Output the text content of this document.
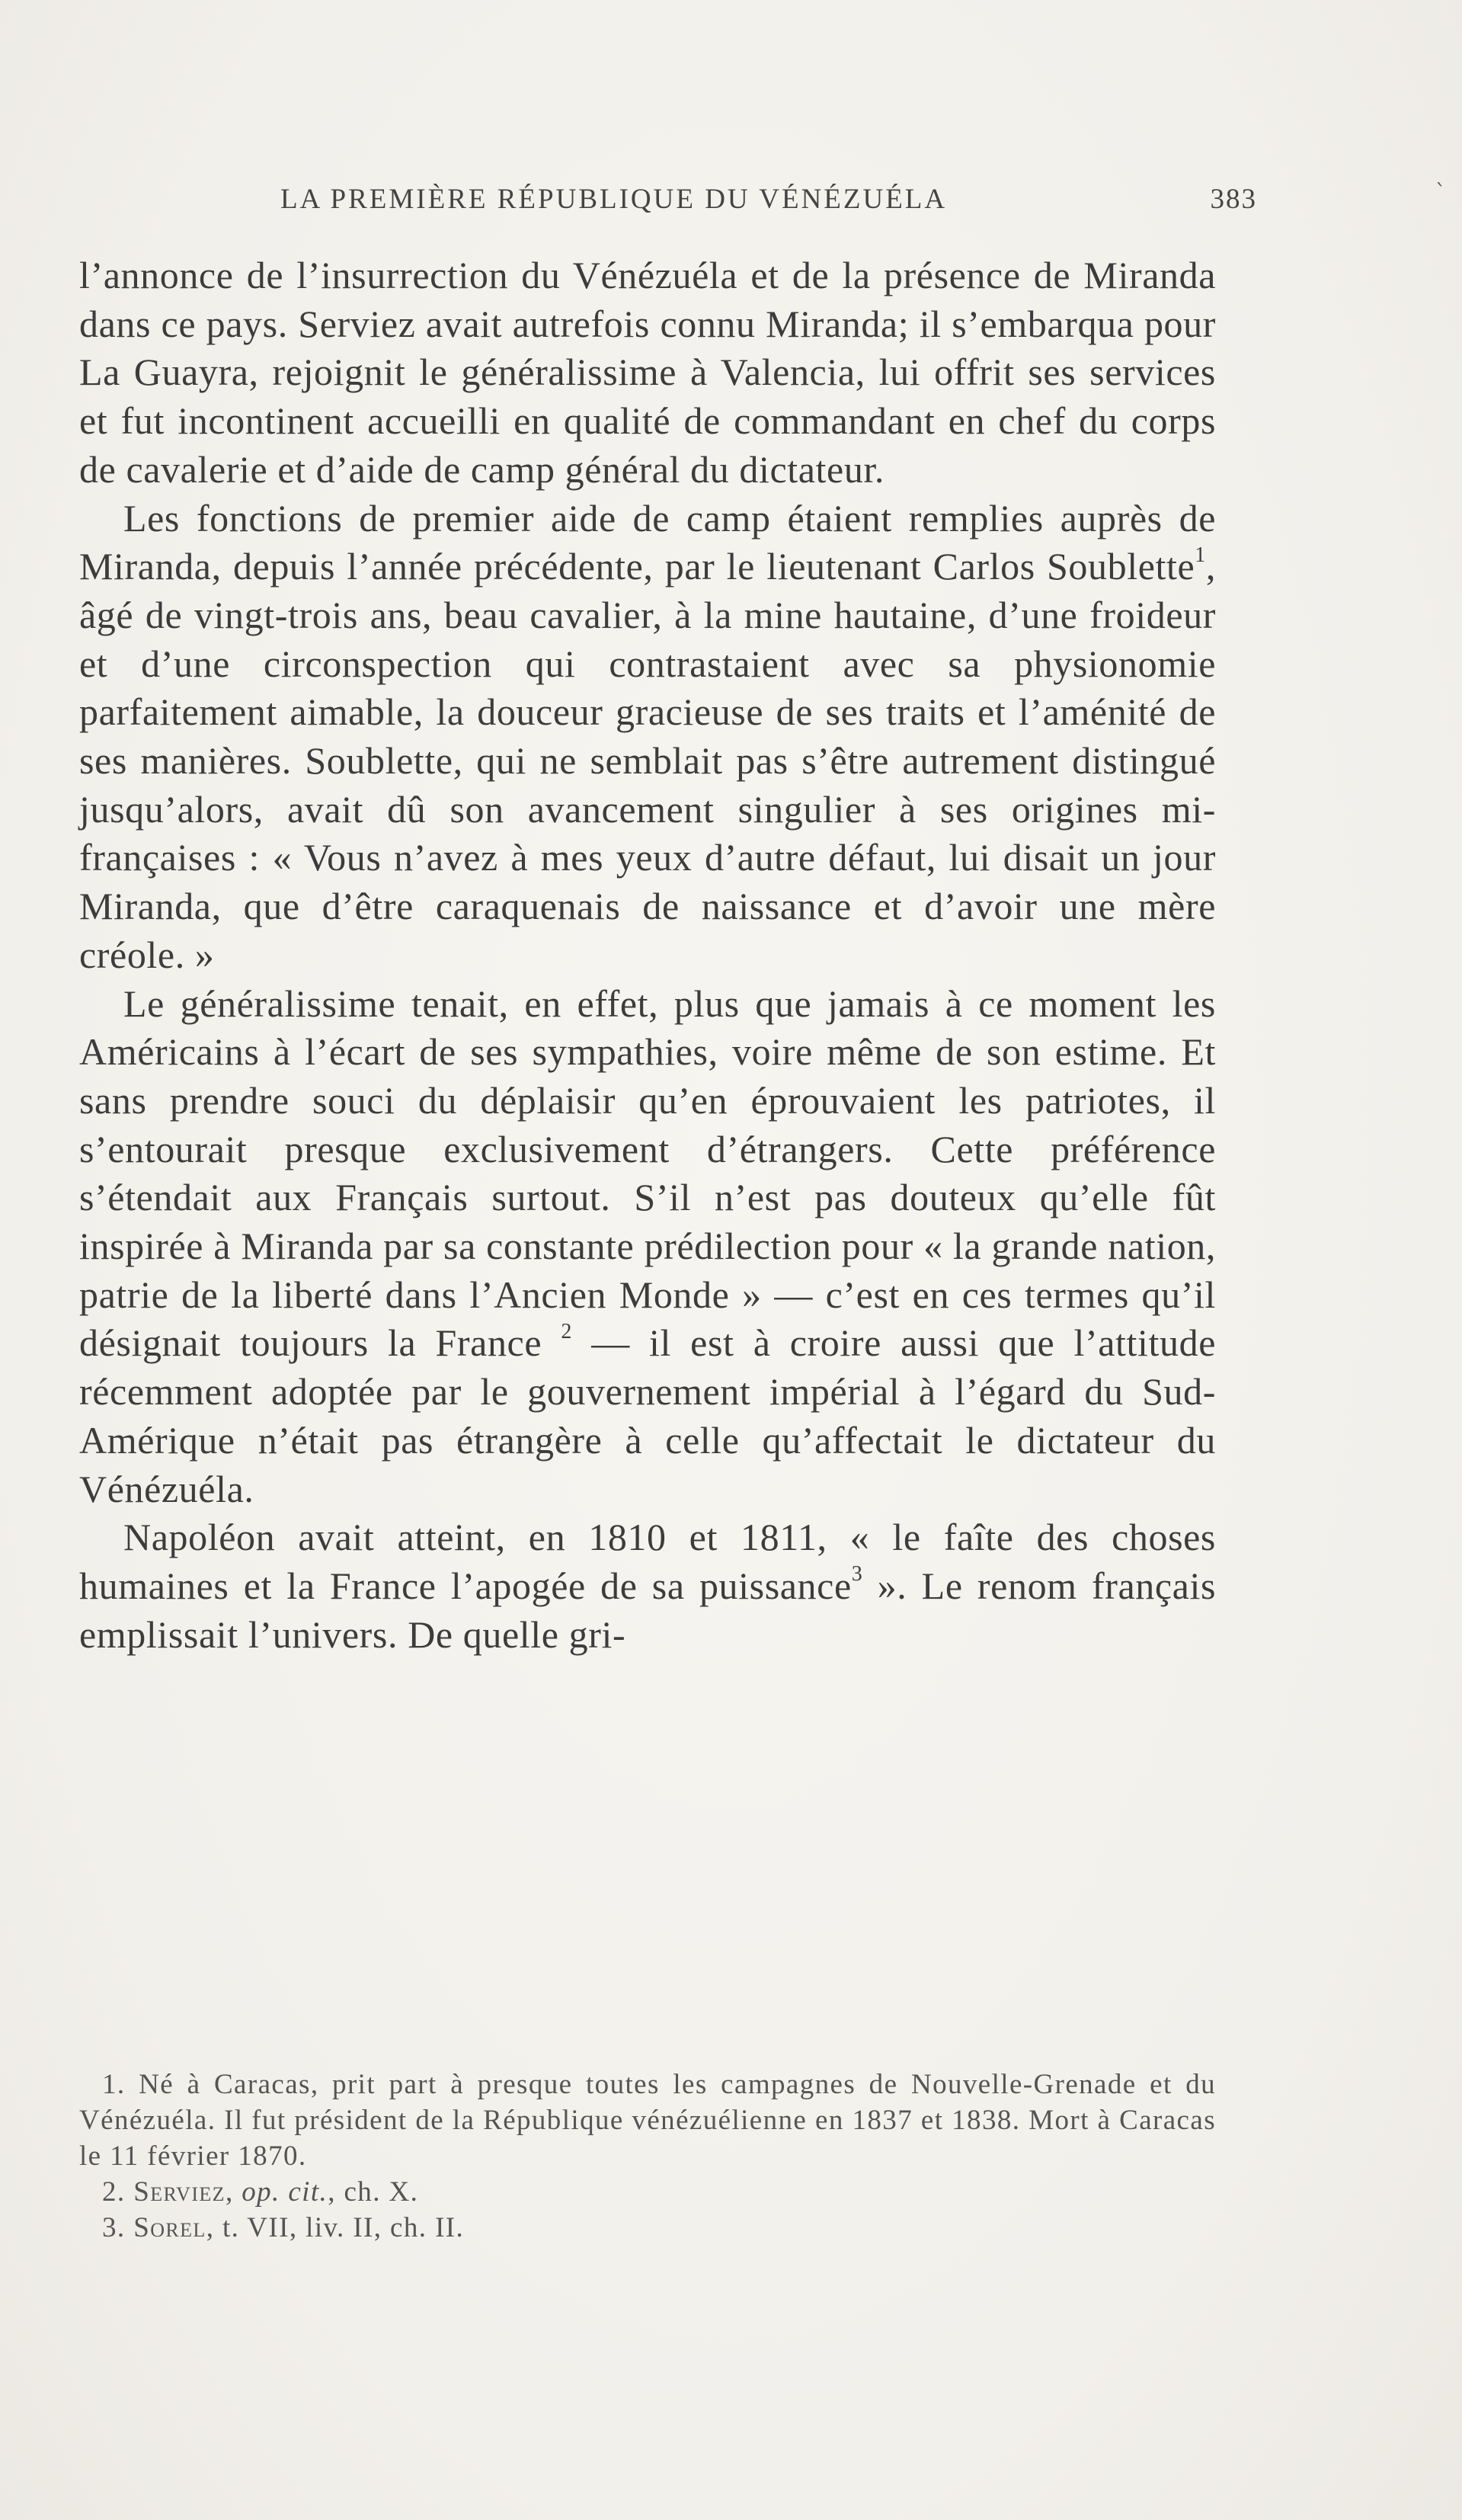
`
LA PREMIÈRE RÉPUBLIQUE DU VÉNÉZUÉLA	383

l’annonce de l’insurrection du Vénézuéla et de la présence de Miranda dans ce pays. Serviez avait autrefois connu Miranda; il s’embarqua pour La Guayra, rejoignit le généralissime à Valencia, lui offrit ses services et fut incontinent accueilli en qualité de commandant en chef du corps de cavalerie et d’aide de camp général du dictateur.

Les fonctions de premier aide de camp étaient remplies auprès de Miranda, depuis l’année précédente, par le lieutenant Carlos Soublette$^1$, âgé de vingt-trois ans, beau cavalier, à la mine hautaine, d’une froideur et d’une circonspection qui contrastaient avec sa physionomie parfaitement aimable, la douceur gracieuse de ses traits et l’aménité de ses manières. Soublette, qui ne semblait pas s’être autrement distingué jusqu’alors, avait dû son avancement singulier à ses origines mi-françaises : « Vous n’avez à mes yeux d’autre défaut, lui disait un jour Miranda, que d’être caraquenais de naissance et d’avoir une mère créole. »

Le généralissime tenait, en effet, plus que jamais à ce moment les Américains à l’écart de ses sympathies, voire même de son estime. Et sans prendre souci du déplaisir qu’en éprouvaient les patriotes, il s’entourait presque exclusivement d’étrangers. Cette préférence s’étendait aux Français surtout. S’il n’est pas douteux qu’elle fût inspirée à Miranda par sa constante prédilection pour « la grande nation, patrie de la liberté dans l’Ancien Monde » — c’est en ces termes qu’il désignait toujours la France $^2$ — il est à croire aussi que l’attitude récemment adoptée par le gouvernement impérial à l’égard du Sud-Amérique n’était pas étrangère à celle qu’affectait le dictateur du Vénézuéla.

Napoléon avait atteint, en 1810 et 1811, « le faîte des choses humaines et la France l’apogée de sa puissance$^3$ ». Le renom français emplissait l’univers. De quelle gri-

1. Né à Caracas, prit part à presque toutes les campagnes de Nouvelle-Grenade et du Vénézuéla. Il fut président de la République vénézuélienne en 1837 et 1838. Mort à Caracas le 11 février 1870.

2. Serviez, op. cit., ch. X.

3. Sorel, t. VII, liv. II, ch. II.
